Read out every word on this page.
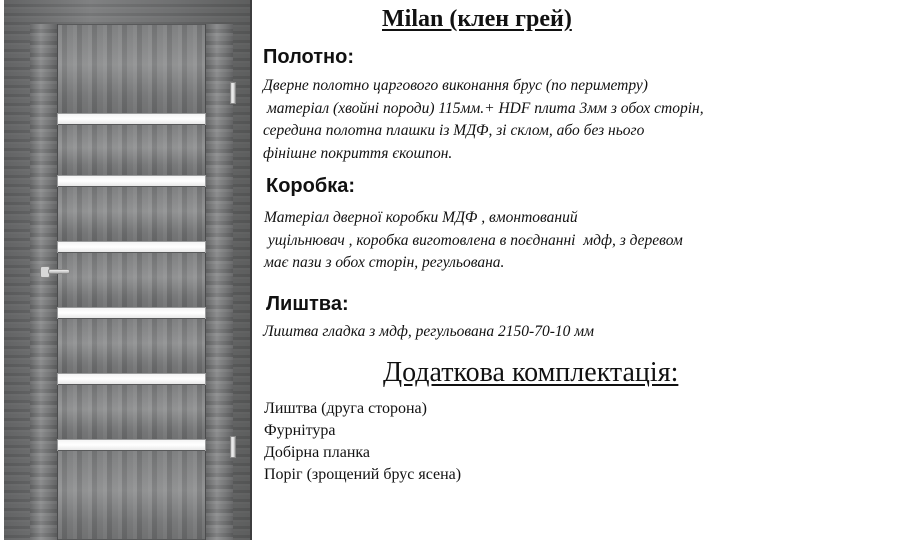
Milan (клен грей)
Полотно:
Дверне полотно царгового виконання брус (по периметру)
матеріал (хвойні породи) 115мм.+ HDF плита 3мм з обох сторін,
середина полотна плашки із МДФ, зі склом, або без нього
фінішне покриття єкошпон.
Коробка:
Матеріал дверної коробки МДФ , вмонтований
ущільнювач , коробка виготовлена в поєднанні  мдф, з деревом
має пази з обох сторін, регульована.
Лиштва:
Лиштва гладка з мдф, регульована 2150-70-10 мм
Додаткова комплектація:
Лиштва (друга сторона)
Фурнітура
Добірна планка
Поріг (зрощений брус ясена)
